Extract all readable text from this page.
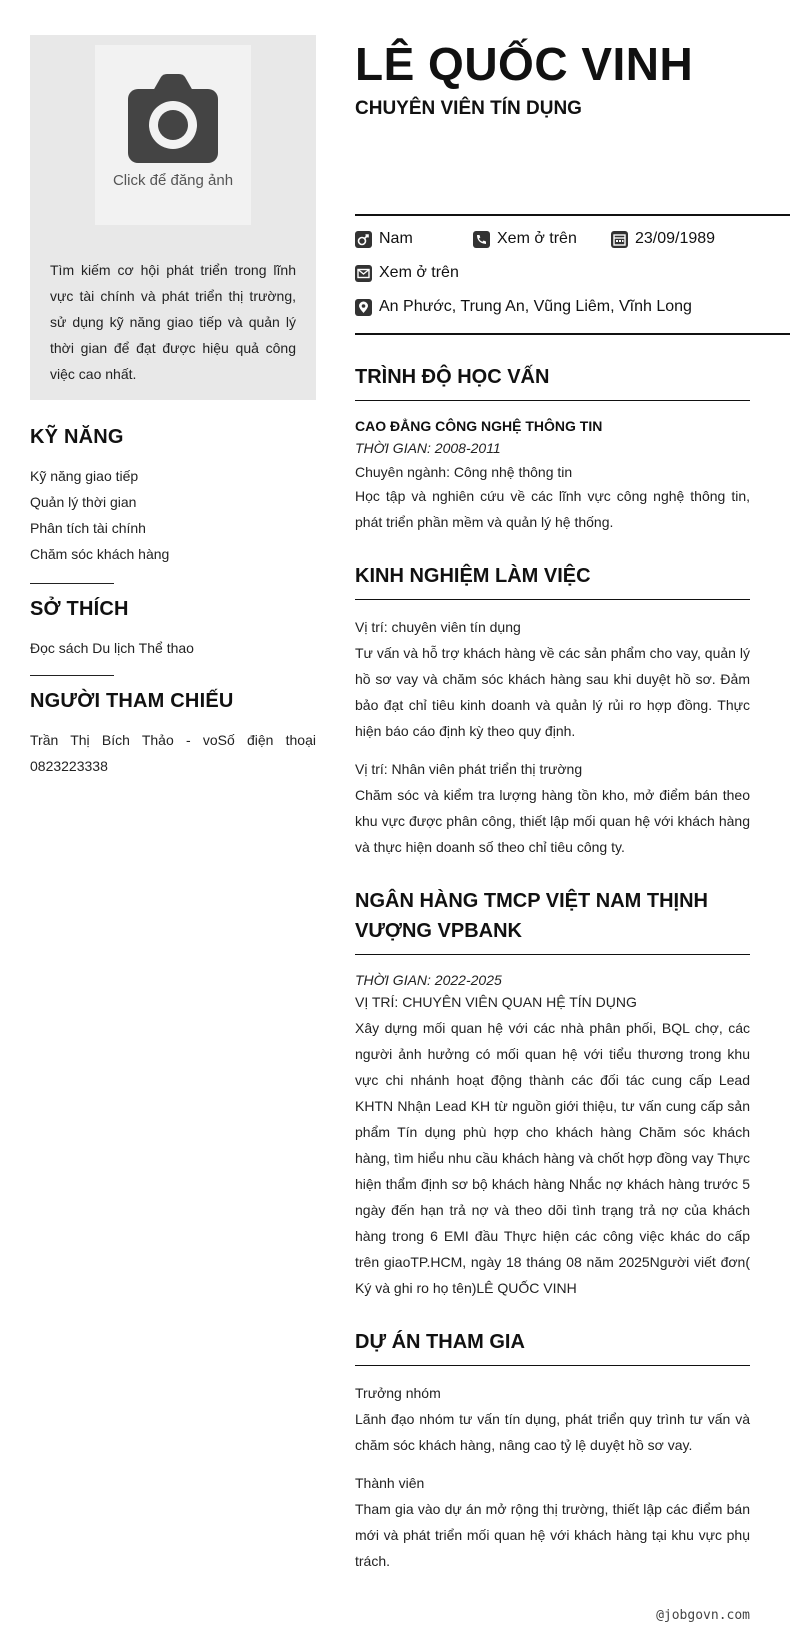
Click để đăng ảnh
Tìm kiếm cơ hội phát triển trong lĩnh vực tài chính và phát triển thị trường, sử dụng kỹ năng giao tiếp và quản lý thời gian để đạt được hiệu quả công việc cao nhất.
KỸ NĂNG
Kỹ năng giao tiếp
Quản lý thời gian
Phân tích tài chính
Chăm sóc khách hàng
SỞ THÍCH
Đọc sách Du lịch Thể thao
NGƯỜI THAM CHIẾU
Trần Thị Bích Thảo - voSố điện thoại 0823223338
LÊ QUỐC VINH
CHUYÊN VIÊN TÍN DỤNG
Nam	Xem ở trên	23/09/1989
Xem ở trên
An Phước, Trung An, Vũng Liêm, Vĩnh Long
TRÌNH ĐỘ HỌC VẤN
CAO ĐẲNG CÔNG NGHỆ THÔNG TIN
THỜI GIAN: 2008-2011
Chuyên ngành: Công nhệ thông tin
Học tập và nghiên cứu về các lĩnh vực công nghệ thông tin, phát triển phần mềm và quản lý hệ thống.
KINH NGHIỆM LÀM VIỆC
Vị trí: chuyên viên tín dụng
Tư vấn và hỗ trợ khách hàng về các sản phẩm cho vay, quản lý hồ sơ vay và chăm sóc khách hàng sau khi duyệt hồ sơ. Đảm bảo đạt chỉ tiêu kinh doanh và quản lý rủi ro hợp đồng. Thực hiện báo cáo định kỳ theo quy định.
Vị trí: Nhân viên phát triển thị trường
Chăm sóc và kiểm tra lượng hàng tồn kho, mở điểm bán theo khu vực được phân công, thiết lập mối quan hệ với khách hàng và thực hiện doanh số theo chỉ tiêu công ty.
NGÂN HÀNG TMCP VIỆT NAM THỊNH VƯỢNG VPBANK
THỜI GIAN: 2022-2025
VỊ TRÍ: CHUYÊN VIÊN QUAN HỆ TÍN DỤNG
Xây dựng mối quan hệ với các nhà phân phối, BQL chợ, các người ảnh hưởng có mối quan hệ với tiểu thương trong khu vực chi nhánh hoạt động thành các đối tác cung cấp Lead KHTN Nhận Lead KH từ nguồn giới thiệu, tư vấn cung cấp sản phẩm Tín dụng phù hợp cho khách hàng Chăm sóc khách hàng, tìm hiểu nhu cầu khách hàng và chốt hợp đồng vay Thực hiện thẩm định sơ bộ khách hàng Nhắc nợ khách hàng trước 5 ngày đến hạn trả nợ và theo dõi tình trạng trả nợ của khách hàng trong 6 EMI đầu Thực hiện các công việc khác do cấp trên giaoTP.HCM, ngày 18 tháng 08 năm 2025Người viết đơn( Ký và ghi ro họ tên)LÊ QUỐC VINH
DỰ ÁN THAM GIA
Trưởng nhóm
Lãnh đạo nhóm tư vấn tín dụng, phát triển quy trình tư vấn và chăm sóc khách hàng, nâng cao tỷ lệ duyệt hồ sơ vay.
Thành viên
Tham gia vào dự án mở rộng thị trường, thiết lập các điểm bán mới và phát triển mối quan hệ với khách hàng tại khu vực phụ trách.
@jobgovn.com
